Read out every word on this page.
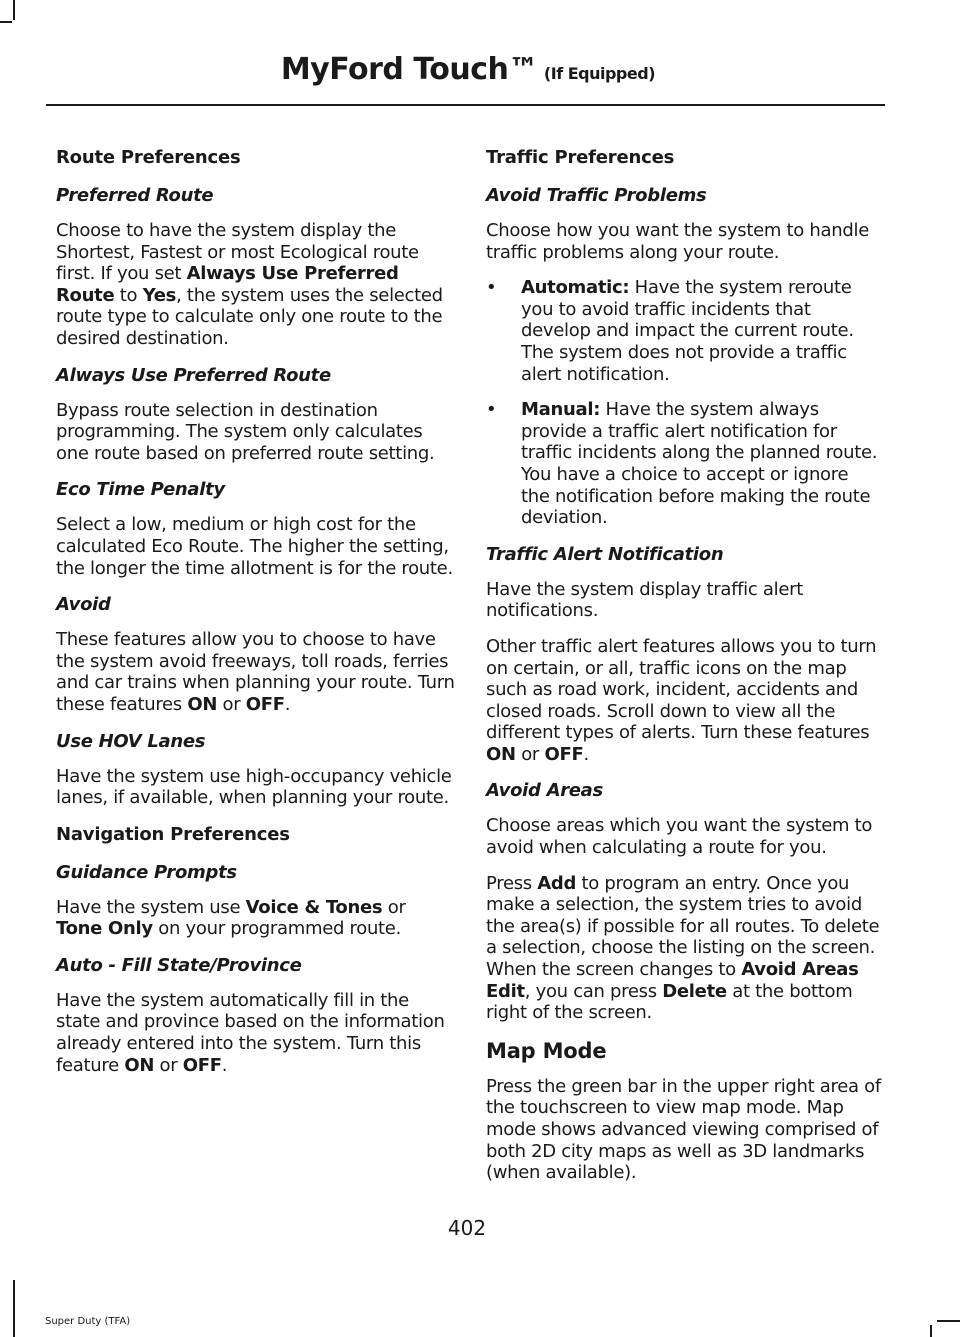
MyFord Touch™ (If Equipped)
Route Preferences
Preferred Route

Choose to have the system display the Shortest, Fastest or most Ecological route first. If you set Always Use Preferred Route to Yes, the system uses the selected route type to calculate only one route to the desired destination.

Always Use Preferred Route

Bypass route selection in destination programming. The system only calculates one route based on preferred route setting.

Eco Time Penalty

Select a low, medium or high cost for the calculated Eco Route. The higher the setting, the longer the time allotment is for the route.

Avoid

These features allow you to choose to have the system avoid freeways, toll roads, ferries and car trains when planning your route. Turn these features ON or OFF.

Use HOV Lanes

Have the system use high-occupancy vehicle lanes, if available, when planning your route.

Navigation Preferences
Guidance Prompts

Have the system use Voice & Tones or Tone Only on your programmed route.

Auto - Fill State/Province

Have the system automatically fill in the state and province based on the information already entered into the system. Turn this feature ON or OFF.

Traffic Preferences
Avoid Traffic Problems

Choose how you want the system to handle traffic problems along your route.

•	Automatic: Have the system reroute you to avoid traffic incidents that develop and impact the current route. The system does not provide a traffic alert notification.
•	Manual: Have the system always provide a traffic alert notification for traffic incidents along the planned route. You have a choice to accept or ignore the notification before making the route deviation.
Traffic Alert Notification

Have the system display traffic alert notifications.

Other traffic alert features allows you to turn on certain, or all, traffic icons on the map such as road work, incident, accidents and closed roads. Scroll down to view all the different types of alerts. Turn these features ON or OFF.

Avoid Areas

Choose areas which you want the system to avoid when calculating a route for you.

Press Add to program an entry. Once you make a selection, the system tries to avoid the area(s) if possible for all routes. To delete a selection, choose the listing on the screen. When the screen changes to Avoid Areas Edit, you can press Delete at the bottom right of the screen.

Map Mode

Press the green bar in the upper right area of the touchscreen to view map mode. Map mode shows advanced viewing comprised of both 2D city maps as well as 3D landmarks (when available).

402
Super Duty (TFA)
